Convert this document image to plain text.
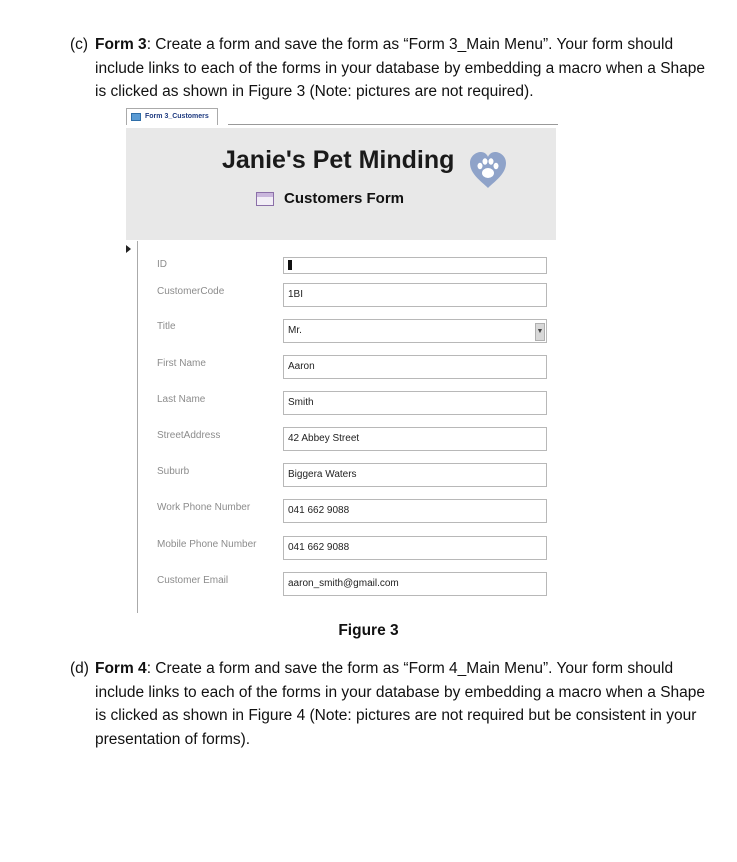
(c) Form 3: Create a form and save the form as “Form 3_Main Menu”. Your form should include links to each of the forms in your database by embedding a macro when a Shape is clicked as shown in Figure 3 (Note: pictures are not required).
Form 3_Customers
Janie's Pet Minding
Customers Form
ID
CustomerCode	1BI
Title	Mr.	▼
First Name	Aaron
Last Name	Smith
StreetAddress	42 Abbey Street
Suburb	Biggera Waters
Work Phone Number	041 662 9088
Mobile Phone Number	041 662 9088
Customer Email	aaron_smith@gmail.com
Figure 3
(d) Form 4: Create a form and save the form as “Form 4_Main Menu”. Your form should include links to each of the forms in your database by embedding a macro when a Shape is clicked as shown in Figure 4 (Note: pictures are not required but be consistent in your presentation of forms).
